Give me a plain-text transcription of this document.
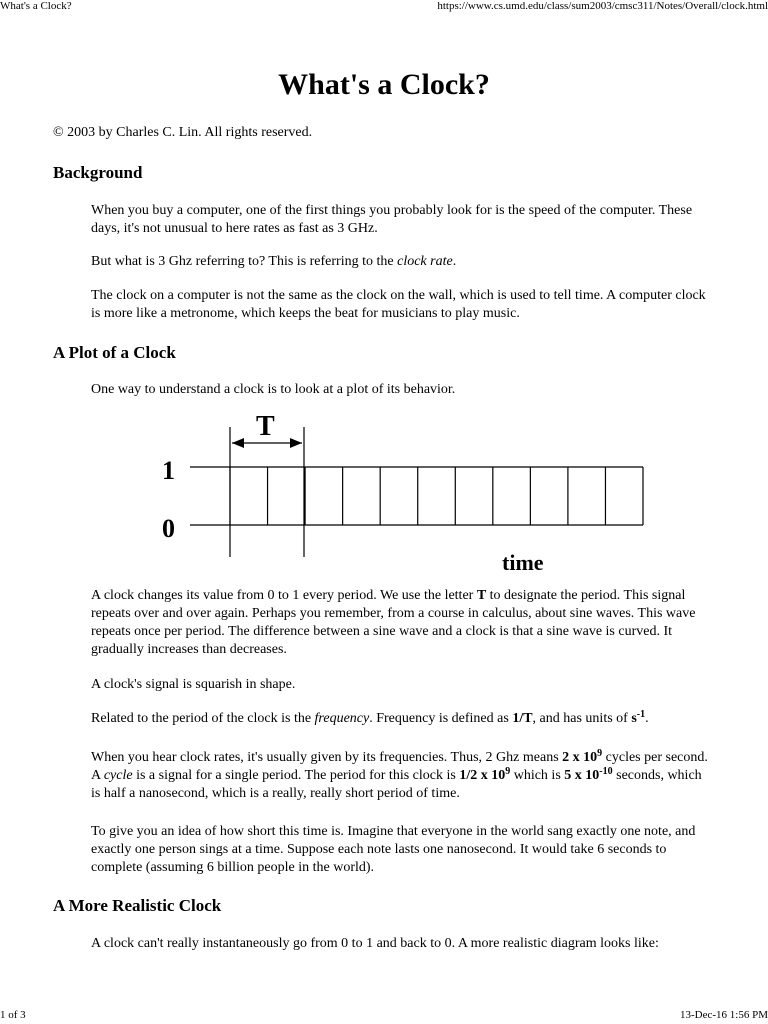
What's a Clock?	https://www.cs.umd.edu/class/sum2003/cmsc311/Notes/Overall/clock.html
What's a Clock?

© 2003 by Charles C. Lin. All rights reserved.

Background

When you buy a computer, one of the first things you probably look for is the speed of the computer. These days, it's not unusual to here rates as fast as 3 GHz.

But what is 3 Ghz referring to? This is referring to the clock rate.

The clock on a computer is not the same as the clock on the wall, which is used to tell time. A computer clock is more like a metronome, which keeps the beat for musicians to play music.

A Plot of a Clock

One way to understand a clock is to look at a plot of its behavior.

T
1
0
time

A clock changes its value from 0 to 1 every period. We use the letter T to designate the period. This signal repeats over and over again. Perhaps you remember, from a course in calculus, about sine waves. This wave repeats once per period. The difference between a sine wave and a clock is that a sine wave is curved. It gradually increases than decreases.

A clock's signal is squarish in shape.

Related to the period of the clock is the frequency. Frequency is defined as 1/T, and has units of $s^{-1}$.

When you hear clock rates, it's usually given by its frequencies. Thus, 2 Ghz means 2 x $10^9$ cycles per second. A cycle is a signal for a single period. The period for this clock is 1/2 x $10^9$ which is 5 x $10^{-10}$ seconds, which is half a nanosecond, which is a really, really short period of time.

To give you an idea of how short this time is. Imagine that everyone in the world sang exactly one note, and exactly one person sings at a time. Suppose each note lasts one nanosecond. It would take 6 seconds to complete (assuming 6 billion people in the world).

A More Realistic Clock

A clock can't really instantaneously go from 0 to 1 and back to 0. A more realistic diagram looks like:

1 of 3	13-Dec-16 1:56 PM
